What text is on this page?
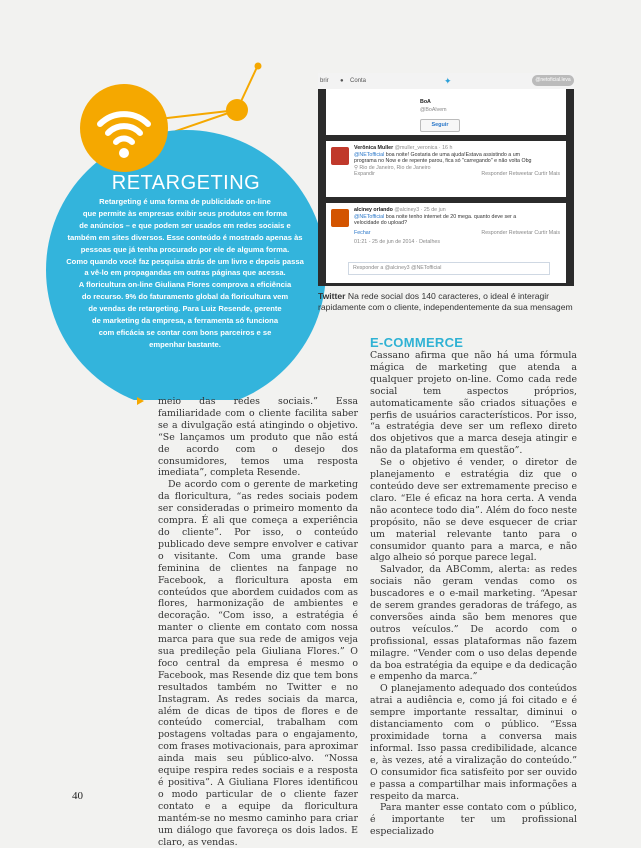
RETARGETING

Retargeting é uma forma de publicidade on-line

que permite às empresas exibir seus produtos em forma

de anúncios – e que podem ser usados em redes sociais e

também em sites diversos. Esse conteúdo é mostrado apenas às

pessoas que já tenha procurado por ele de alguma forma.

Como quando você faz pesquisa atrás de um livro e depois passa

a vê-lo em propagandas em outras páginas que acessa.

A floricultura on-line Giuliana Flores comprova a eficiência

do recurso. 9% do faturamento global da floricultura vem

de vendas de retargeting. Para Luiz Resende, gerente

de marketing da empresa, a ferramenta só funciona

com eficácia se contar com bons parceiros e se

empenhar bastante.

brir ● Conta	✦	@netoficial.leva
BoA
@BoAlvem
Seguir
Verônica Muller @muller_veronica · 16 h
@NETofficial boa noite! Gostaria de uma ajuda!Estava assistindo a um
programa no Now e de repente parou, fica só "carregando" e não volta Obg
⚲ Rio de Janeiro, Rio de Janeiro
Expandir	Responder Retweetar Curtir Mais
alciney orlando @alciney3 · 25 de jun
@NETofficial boa noite tenho internet de 20 mega. quanto deve ser a
velocidade do upload?
Fechar	Responder Retweetar Curtir Mais
01:21 - 25 de jun de 2014 · Detalhes
Responder a @alciney3 @NETofficial
Twitter Na rede social dos 140 caracteres, o ideal é interagir rapidamente com o cliente, independentemente da sua mensagem
E-COMMERCE

meio das redes sociais.” Essa familiaridade com o cliente facilita saber se a divulgação está atingindo o objetivo. “Se lançamos um produto que não está de acordo com o desejo dos consumidores, temos uma resposta imediata”, completa Resende.

De acordo com o gerente de marketing da floricultura, “as redes sociais podem ser consideradas o primeiro momento da compra. É ali que começa a experiência do cliente”. Por isso, o conteúdo publicado deve sempre envolver e cativar o visitante. Com uma grande base feminina de clientes na fanpage no Facebook, a floricultura aposta em conteúdos que abordem cuidados com as flores, harmonização de ambientes e decoração. “Com isso, a estratégia é manter o cliente em contato com nossa marca para que sua rede de amigos veja sua predileção pela Giuliana Flores.” O foco central da empresa é mesmo o Facebook, mas Resende diz que tem bons resultados também no Twitter e no Instagram. As redes sociais da marca, além de dicas de tipos de flores e de conteúdo comercial, trabalham com postagens voltadas para o engajamento, com frases motivacionais, para aproximar ainda mais seu público-alvo. “Nossa equipe respira redes sociais e a resposta é positiva”. A Giuliana Flores identificou o modo particular de o cliente fazer contato e a equipe da floricultura mantém-se no mesmo caminho para criar um diálogo que favoreça os dois lados. E claro, as vendas.

Cassano afirma que não há uma fórmula mágica de marketing que atenda a qualquer projeto on-line. Como cada rede social tem aspectos próprios, automaticamente são criados situações e perfis de usuários característicos. Por isso, “a estratégia deve ser um reflexo direto dos objetivos que a marca deseja atingir e não da plataforma em questão”.

Se o objetivo é vender, o diretor de planejamento e estratégia diz que o conteúdo deve ser extremamente preciso e claro. “Ele é eficaz na hora certa. A venda não acontece todo dia”. Além do foco neste propósito, não se deve esquecer de criar um material relevante tanto para o consumidor quanto para a marca, e não algo alheio só porque parece legal.

Salvador, da ABComm, alerta: as redes sociais não geram vendas como os buscadores e o e-mail marketing. “Apesar de serem grandes geradoras de tráfego, as conversões ainda são bem menores que outros veículos.” De acordo com o profissional, essas plataformas não fazem milagre. “Vender com o uso delas depende da boa estratégia da equipe e da dedicação e empenho da marca.”

O planejamento adequado dos conteúdos atrai a audiência e, como já foi citado e é sempre importante ressaltar, diminui o distanciamento com o público. “Essa proximidade torna a conversa mais informal. Isso passa credibilidade, alcance e, às vezes, até a viralização do conteúdo.” O consumidor fica satisfeito por ser ouvido e passa a compartilhar mais informações a respeito da marca.

Para manter esse contato com o público, é importante ter um profissional especializado

40
